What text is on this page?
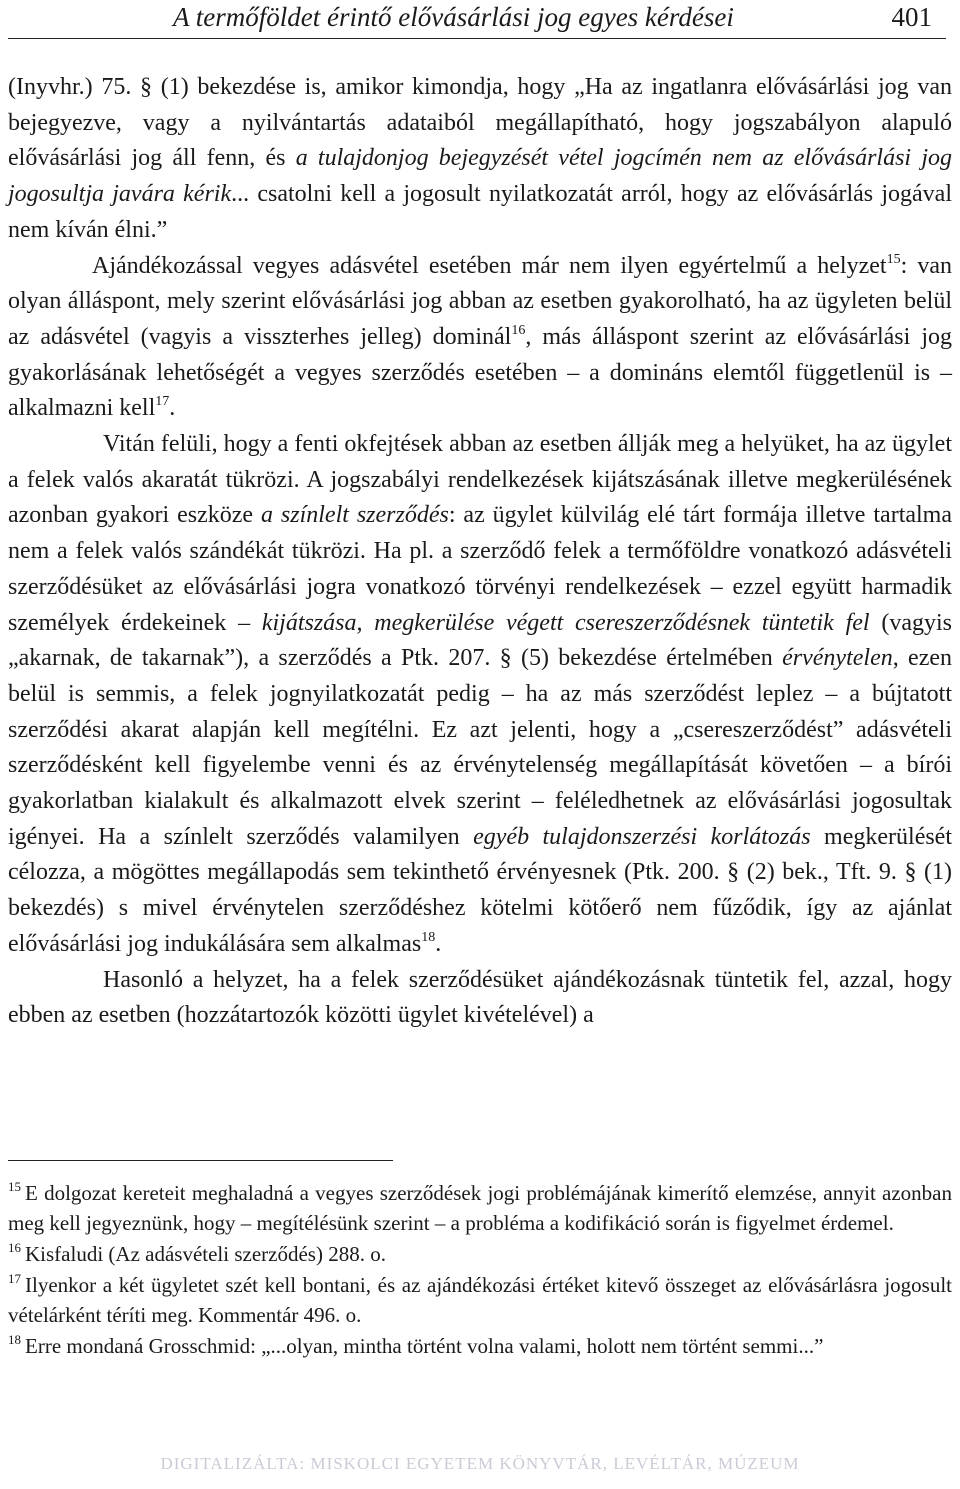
A termőföldet érintő elővásárlási jog egyes kérdései	401

(Inyvhr.) 75. § (1) bekezdése is, amikor kimondja, hogy „Ha az ingatlanra elővásárlási jog van bejegyezve, vagy a nyilvántartás adataiból megállapítható, hogy jogszabályon alapuló elővásárlási jog áll fenn, és a tulajdonjog bejegyzését vétel jogcímén nem az elővásárlási jog jogosultja javára kérik... csatolni kell a jogosult nyilatkozatát arról, hogy az elővásárlás jogával nem kíván élni.”

Ajándékozással vegyes adásvétel esetében már nem ilyen egyértelmű a helyzet$^{15}$: van olyan álláspont, mely szerint elővásárlási jog abban az esetben gyakorolható, ha az ügyleten belül az adásvétel (vagyis a visszterhes jelleg) dominál$^{16}$, más álláspont szerint az elővásárlási jog gyakorlásának lehetőségét a vegyes szerződés esetében – a domináns elemtől függetlenül is – alkalmazni kell$^{17}$.

Vitán felüli, hogy a fenti okfejtések abban az esetben állják meg a helyüket, ha az ügylet a felek valós akaratát tükrözi. A jogszabályi rendelkezések kijátszásának illetve megkerülésének azonban gyakori eszköze a színlelt szerződés: az ügylet külvilág elé tárt formája illetve tartalma nem a felek valós szándékát tükrözi. Ha pl. a szerződő felek a termőföldre vonatkozó adásvételi szerződésüket az elővásárlási jogra vonatkozó törvényi rendelkezések – ezzel együtt harmadik személyek érdekeinek – kijátszása, megkerülése végett csereszerződésnek tüntetik fel (vagyis „akarnak, de takarnak”), a szerződés a Ptk. 207. § (5) bekezdése értelmében érvénytelen, ezen belül is semmis, a felek jognyilatkozatát pedig – ha az más szerződést leplez – a bújtatott szerződési akarat alapján kell megítélni. Ez azt jelenti, hogy a „csereszerződést” adásvételi szerződésként kell figyelembe venni és az érvénytelenség megállapítását követően – a bírói gyakorlatban kialakult és alkalmazott elvek szerint – feléledhetnek az elővásárlási jogosultak igényei. Ha a színlelt szerződés valamilyen egyéb tulajdonszerzési korlátozás megkerülését célozza, a mögöttes megállapodás sem tekinthető érvényesnek (Ptk. 200. § (2) bek., Tft. 9. § (1) bekezdés) s mivel érvénytelen szerződéshez kötelmi kötőerő nem fűződik, így az ajánlat elővásárlási jog indukálására sem alkalmas$^{18}$.

Hasonló a helyzet, ha a felek szerződésüket ajándékozásnak tüntetik fel, azzal, hogy ebben az esetben (hozzátartozók közötti ügylet kivételével) a

$^{15}$ E dolgozat kereteit meghaladná a vegyes szerződések jogi problémájának kimerítő elemzése, annyit azonban meg kell jegyeznünk, hogy – megítélésünk szerint – a probléma a kodifikáció során is figyelmet érdemel.

$^{16}$ Kisfaludi (Az adásvételi szerződés) 288. o.

$^{17}$ Ilyenkor a két ügyletet szét kell bontani, és az ajándékozási értéket kitevő összeget az elővásárlásra jogosult vételárként téríti meg. Kommentár 496. o.

$^{18}$ Erre mondaná Grosschmid: „...olyan, mintha történt volna valami, holott nem történt semmi...”

DIGITALIZÁLTA: MISKOLCI EGYETEM KÖNYVTÁR, LEVÉLTÁR, MÚZEUM
